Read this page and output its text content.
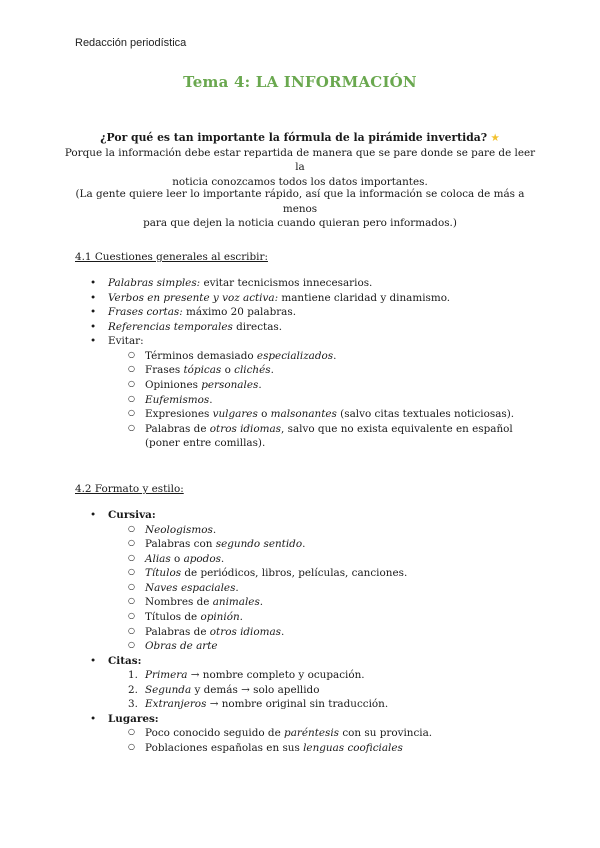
Redacción periodística
Tema 4: LA INFORMACIÓN
¿Por qué es tan importante la fórmula de la pirámide invertida? ★
Porque la información debe estar repartida de manera que se pare donde se pare de leer la
noticia conozcamos todos los datos importantes.
(La gente quiere leer lo importante rápido, así que la información se coloca de más a menos
para que dejen la noticia cuando quieran pero informados.)
4.1 Cuestiones generales al escribir:
• Palabras simples: evitar tecnicismos innecesarios.
• Verbos en presente y voz activa: mantiene claridad y dinamismo.
• Frases cortas: máximo 20 palabras.
• Referencias temporales directas.
• Evitar:
○ Términos demasiado especializados.
○ Frases tópicas o clichés.
○ Opiniones personales.
○ Eufemismos.
○ Expresiones vulgares o malsonantes (salvo citas textuales noticiosas).
○ Palabras de otros idiomas, salvo que no exista equivalente en español (poner entre comillas).
4.2 Formato y estilo:
• Cursiva:
○ Neologismos.
○ Palabras con segundo sentido.
○ Alias o apodos.
○ Títulos de periódicos, libros, películas, canciones.
○ Naves espaciales.
○ Nombres de animales.
○ Títulos de opinión.
○ Palabras de otros idiomas.
○ Obras de arte
• Citas:
1. Primera → nombre completo y ocupación.
2. Segunda y demás → solo apellido
3. Extranjeros → nombre original sin traducción.
• Lugares:
○ Poco conocido seguido de paréntesis con su provincia.
○ Poblaciones españolas en sus lenguas cooficiales
